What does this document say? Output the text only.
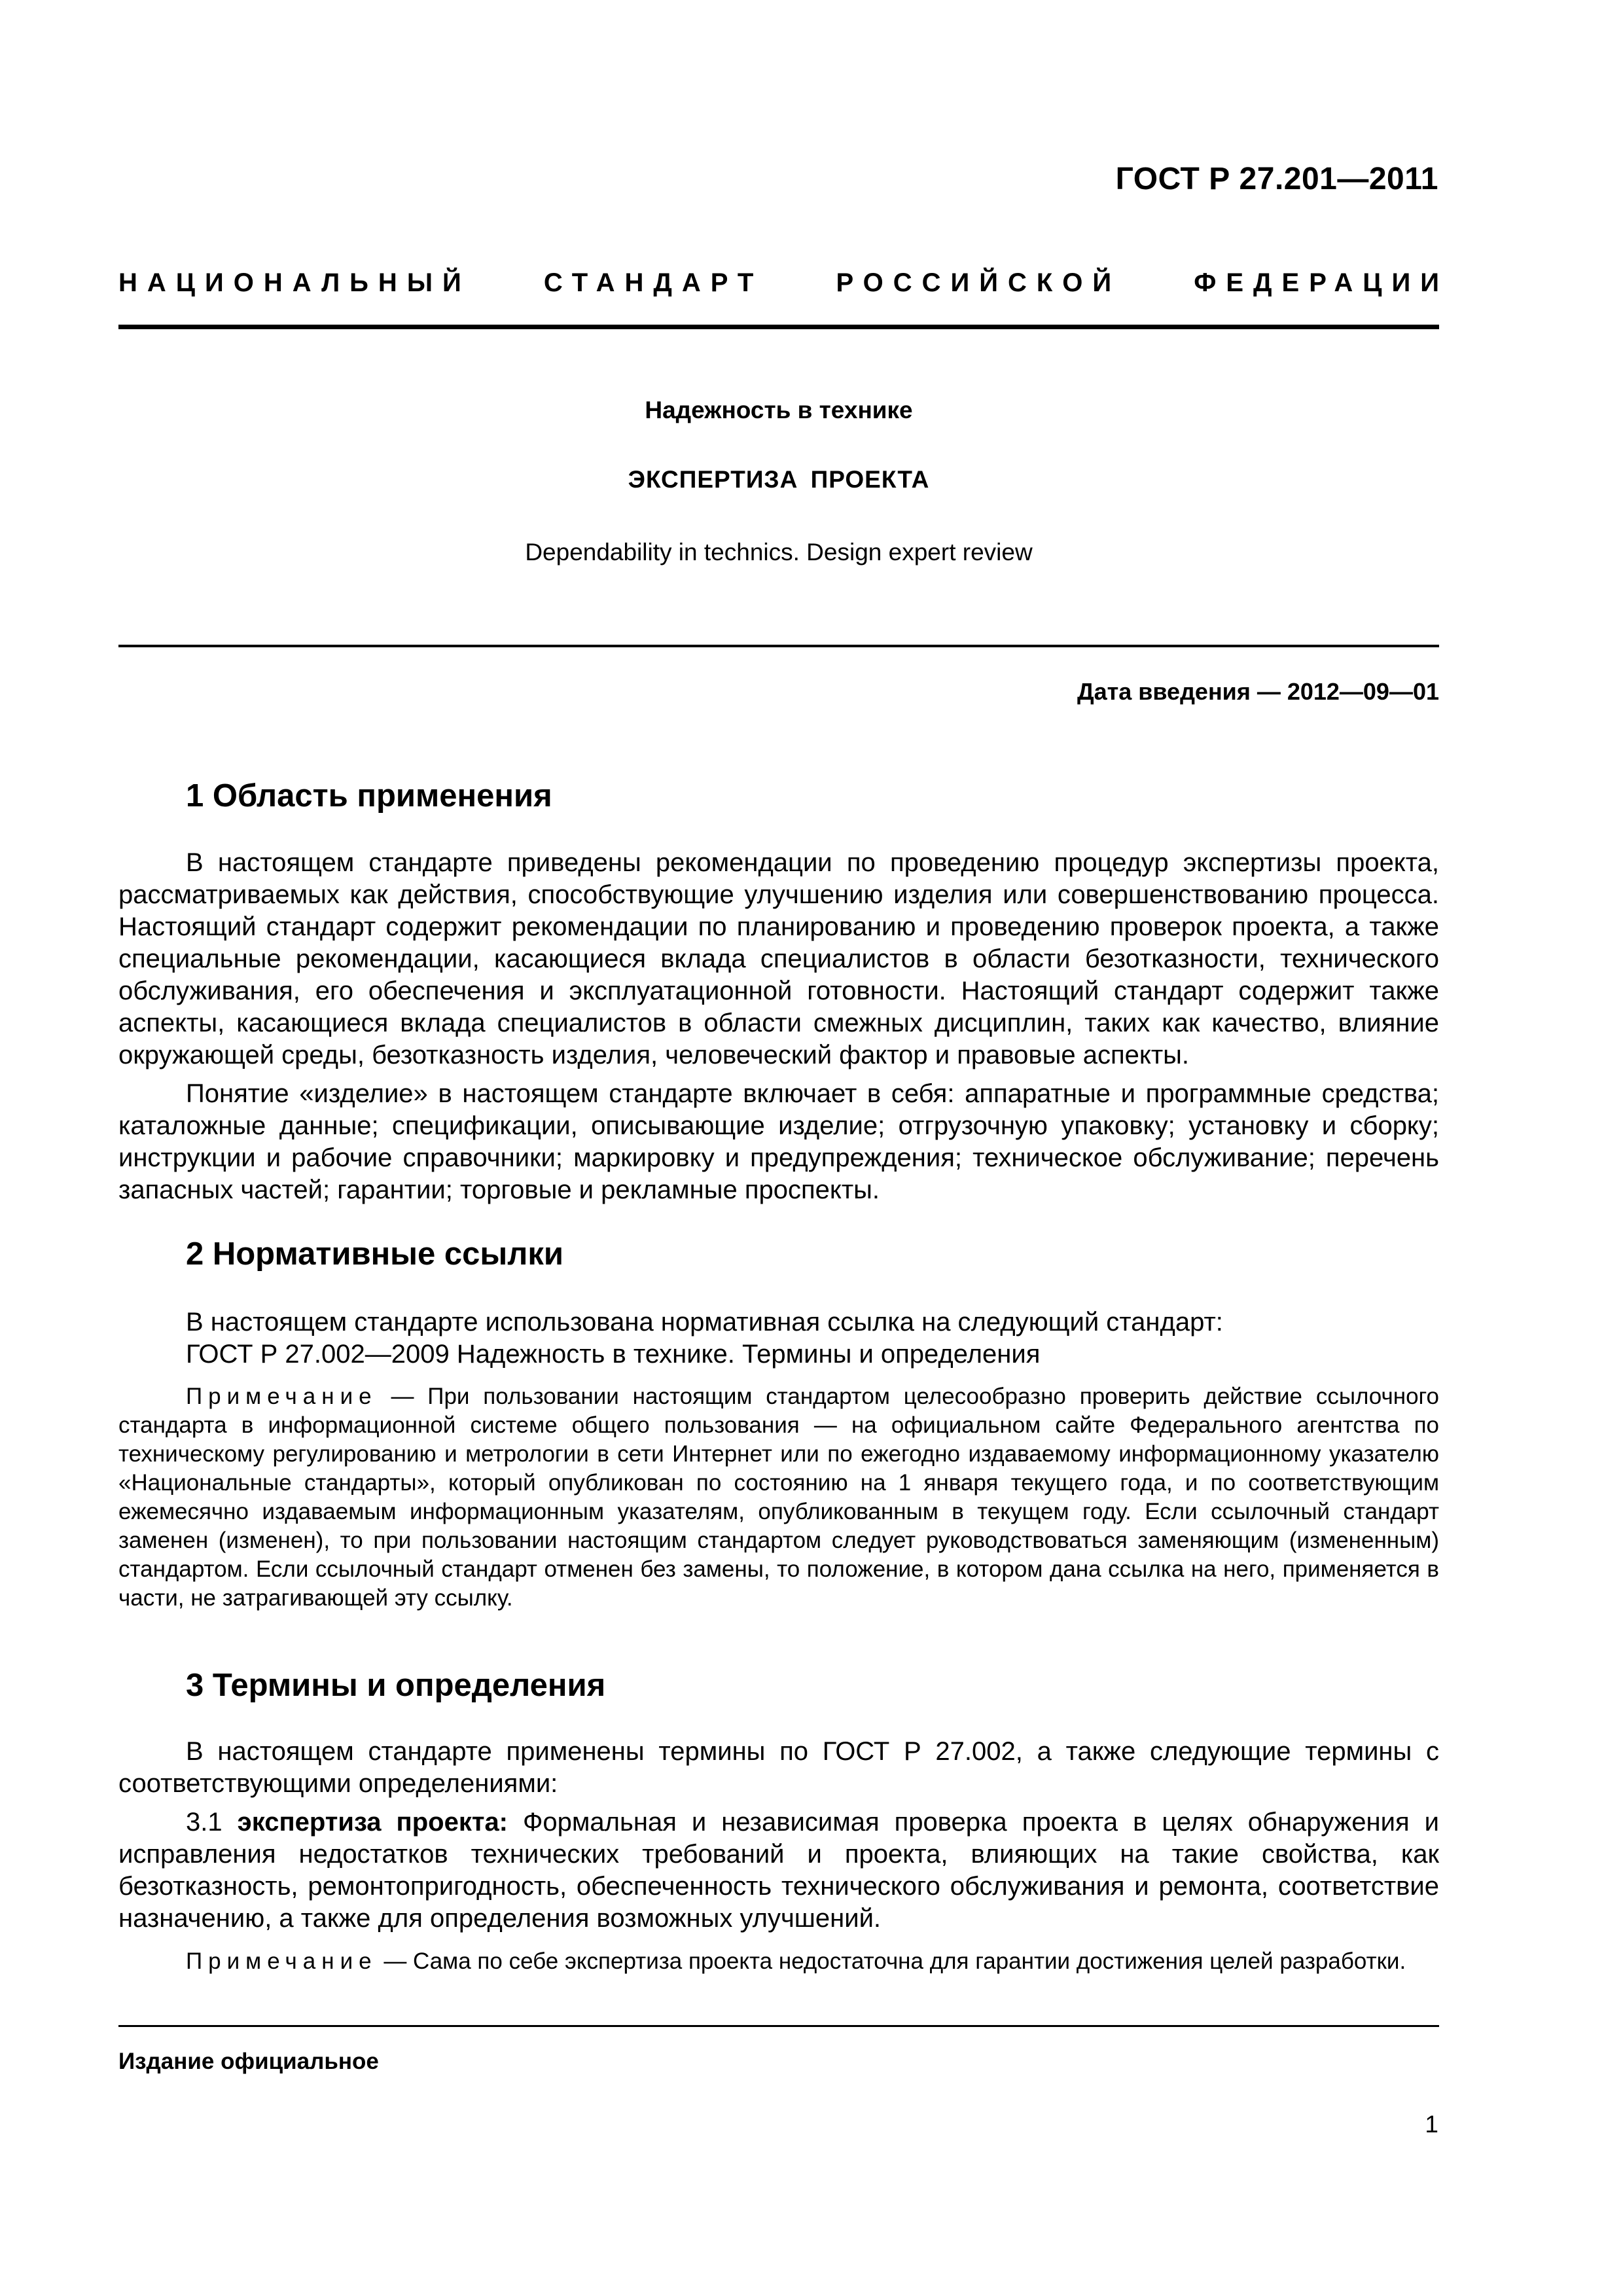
ГОСТ Р 27.201—2011
НАЦИОНАЛЬНЫЙ	СТАНДАРТ	РОССИЙСКОЙ	ФЕДЕРАЦИИ
Надежность в технике
ЭКСПЕРТИЗА ПРОЕКТА
Dependability in technics. Design expert review
Дата введения — 2012—09—01
1 Область применения

В настоящем стандарте приведены рекомендации по проведению процедур экспертизы проекта, рассматриваемых как действия, способствующие улучшению изделия или совершенствованию процесса. Настоящий стандарт содержит рекомендации по планированию и проведению проверок проекта, а также специальные рекомендации, касающиеся вклада специалистов в области безотказности, технического обслуживания, его обеспечения и эксплуатационной готовности. Настоящий стандарт содержит также аспекты, касающиеся вклада специалистов в области смежных дисциплин, таких как качество, влияние окружающей среды, безотказность изделия, человеческий фактор и правовые аспекты.

Понятие «изделие» в настоящем стандарте включает в себя: аппаратные и программные средства; каталожные данные; спецификации, описывающие изделие; отгрузочную упаковку; установку и сборку; инструкции и рабочие справочники; маркировку и предупреждения; техническое обслуживание; перечень запасных частей; гарантии; торговые и рекламные проспекты.

2 Нормативные ссылки

В настоящем стандарте использована нормативная ссылка на следующий стандарт:

ГОСТ Р 27.002—2009 Надежность в технике. Термины и определения

Примечание — При пользовании настоящим стандартом целесообразно проверить действие ссылочного стандарта в информационной системе общего пользования — на официальном сайте Федерального агентства по техническому регулированию и метрологии в сети Интернет или по ежегодно издаваемому информационному указателю «Национальные стандарты», который опубликован по состоянию на 1 января текущего года, и по соответствующим ежемесячно издаваемым информационным указателям, опубликованным в текущем году. Если ссылочный стандарт заменен (изменен), то при пользовании настоящим стандартом следует руководствоваться заменяющим (измененным) стандартом. Если ссылочный стандарт отменен без замены, то положение, в котором дана ссылка на него, применяется в части, не затрагивающей эту ссылку.

3 Термины и определения

В настоящем стандарте применены термины по ГОСТ Р 27.002, а также следующие термины с соответствующими определениями:

3.1 экспертиза проекта: Формальная и независимая проверка проекта в целях обнаружения и исправления недостатков технических требований и проекта, влияющих на такие свойства, как безотказность, ремонтопригодность, обеспеченность технического обслуживания и ремонта, соответствие назначению, а также для определения возможных улучшений.

Примечание — Сама по себе экспертиза проекта недостаточна для гарантии достижения целей разработки.

Издание официальное
1
